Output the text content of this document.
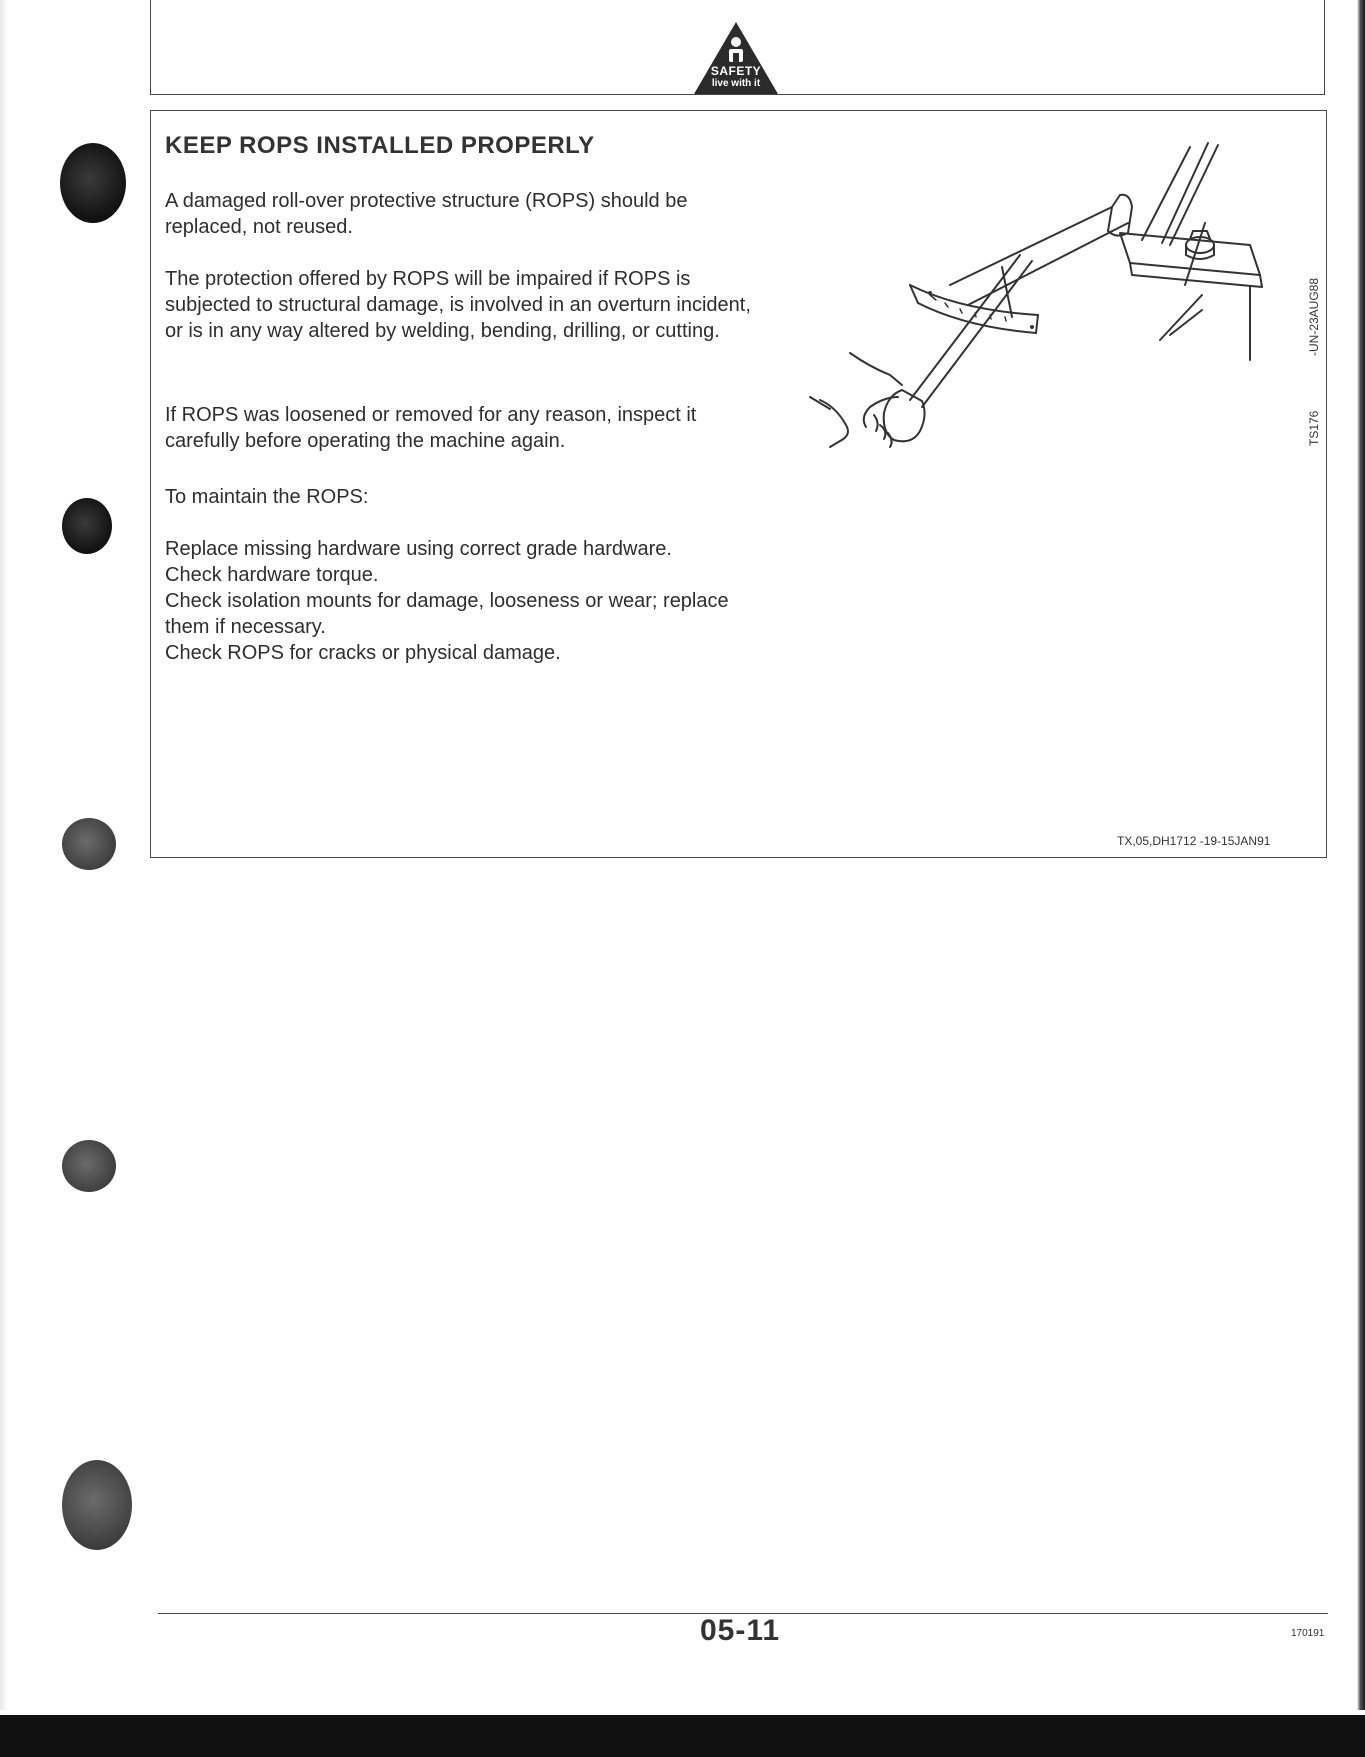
SAFETY
live with it
KEEP ROPS INSTALLED PROPERLY

A damaged roll-over protective structure (ROPS) should be replaced, not reused.

The protection offered by ROPS will be impaired if ROPS is subjected to structural damage, is involved in an overturn incident, or is in any way altered by welding, bending, drilling, or cutting.

If ROPS was loosened or removed for any reason, inspect it carefully before operating the machine again.

To maintain the ROPS:

Replace missing hardware using correct grade hardware.
Check hardware torque.
Check isolation mounts for damage, looseness or wear; replace them if necessary.
Check ROPS for cracks or physical damage.
-UN-23AUG88
TS176
TX,05,DH1712 -19-15JAN91
05-11	170191
